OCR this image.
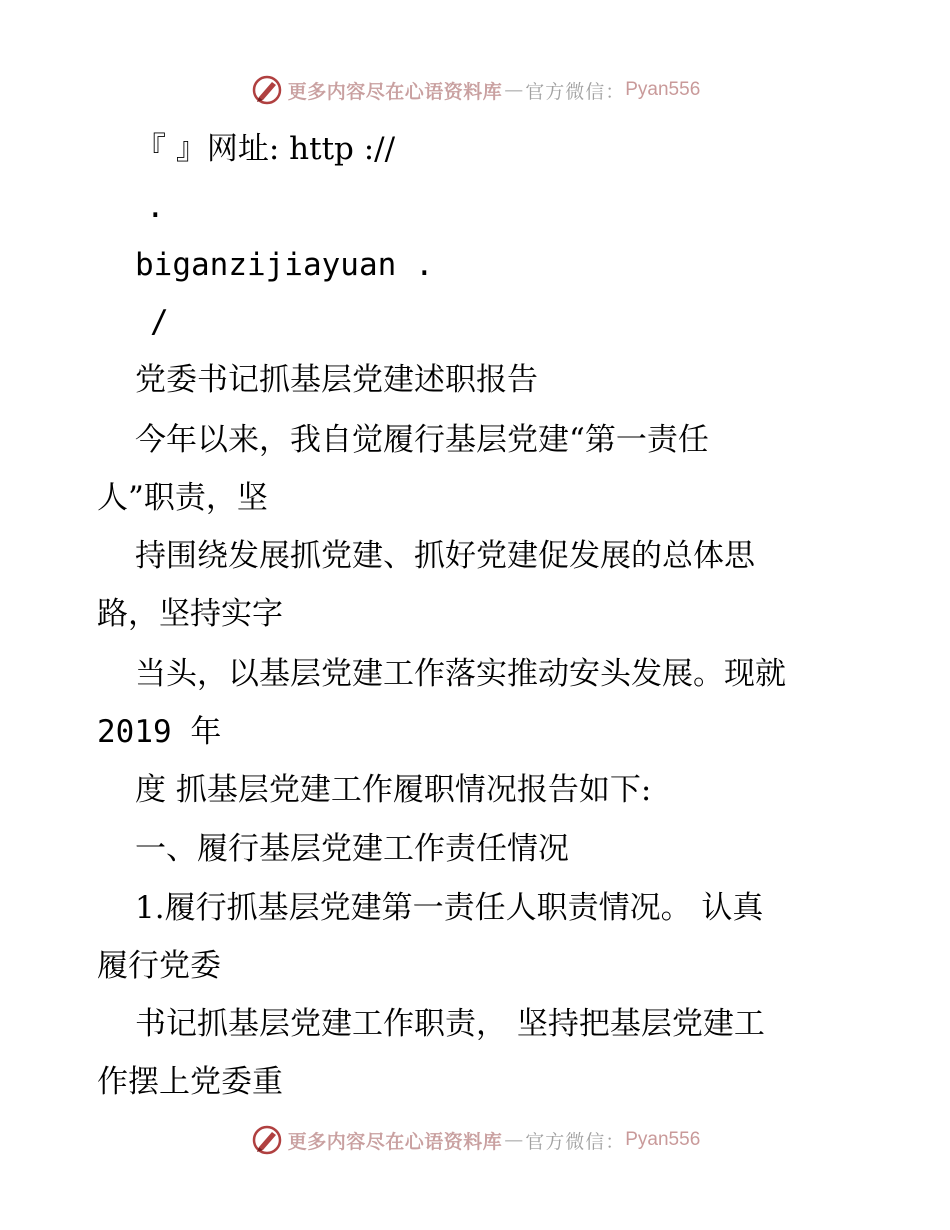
更多内容尽在心语资料库 — 官方微信： Pyan556
『 』网址: http ://
.
biganzijiayuan .
/
党委书记抓基层党建述职报告
今年以来，我自觉履行基层党建“第一责任
人”职责，坚
持围绕发展抓党建、抓好党建促发展的总体思
路，坚持实字
当头，以基层党建工作落实推动安头发展。现就
2019 年
度 抓基层党建工作履职情况报告如下:
一、履行基层党建工作责任情况
1.履行抓基层党建第一责任人职责情况。 认真
履行党委
书记抓基层党建工作职责， 坚持把基层党建工
作摆上党委重
更多内容尽在心语资料库 — 官方微信： Pyan556
